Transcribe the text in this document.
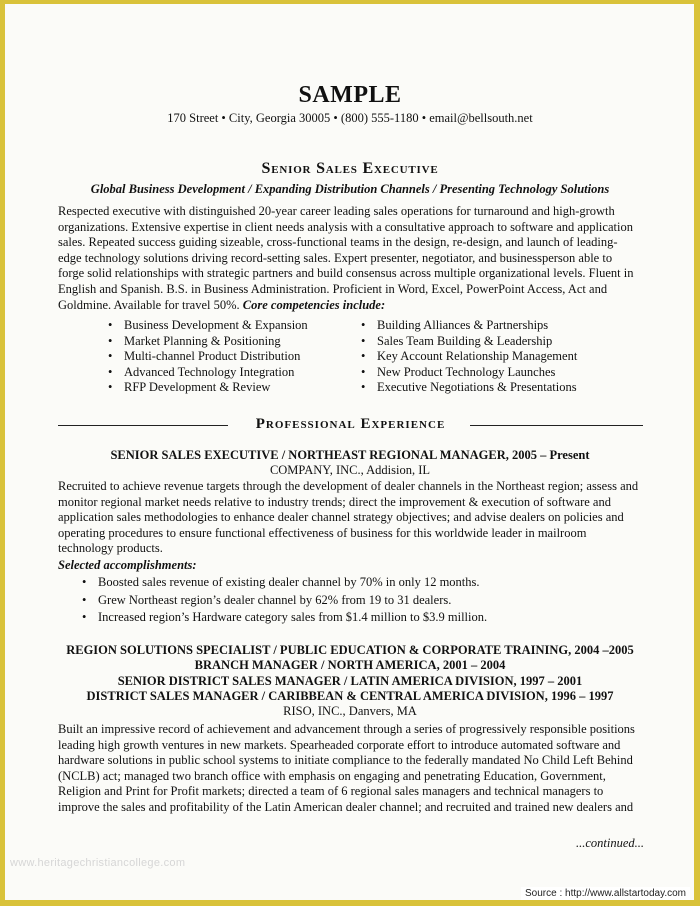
SAMPLE
170 Street • City, Georgia 30005 • (800) 555-1180 • email@bellsouth.net
Senior Sales Executive
Global Business Development / Expanding Distribution Channels / Presenting Technology Solutions
Respected executive with distinguished 20-year career leading sales operations for turnaround and high-growth
organizations. Extensive expertise in client needs analysis with a consultative approach to software and application
sales. Repeated success guiding sizeable, cross-functional teams in the design, re-design, and launch of leading-
edge technology solutions driving record-setting sales. Expert presenter, negotiator, and businessperson able to
forge solid relationships with strategic partners and build consensus across multiple organizational levels. Fluent in
English and Spanish. B.S. in Business Administration. Proficient in Word, Excel, PowerPoint Access, Act and
Goldmine. Available for travel 50%. Core competencies include:
• Business Development & Expansion
• Market Planning & Positioning
• Multi-channel Product Distribution
• Advanced Technology Integration
• RFP Development & Review
• Building Alliances & Partnerships
• Sales Team Building & Leadership
• Key Account Relationship Management
• New Product Technology Launches
• Executive Negotiations & Presentations
Professional Experience
SENIOR SALES EXECUTIVE / NORTHEAST REGIONAL MANAGER, 2005 – Present
COMPANY, INC., Addision, IL
Recruited to achieve revenue targets through the development of dealer channels in the Northeast region; assess and
monitor regional market needs relative to industry trends; direct the improvement & execution of software and
application sales methodologies to enhance dealer channel strategy objectives; and advise dealers on policies and
operating procedures to ensure functional effectiveness of business for this worldwide leader in mailroom
technology products.
Selected accomplishments:
• Boosted sales revenue of existing dealer channel by 70% in only 12 months.
• Grew Northeast region’s dealer channel by 62% from 19 to 31 dealers.
• Increased region’s Hardware category sales from $1.4 million to $3.9 million.
REGION SOLUTIONS SPECIALIST / PUBLIC EDUCATION & CORPORATE TRAINING, 2004 –2005
BRANCH MANAGER / NORTH AMERICA, 2001 – 2004
SENIOR DISTRICT SALES MANAGER / LATIN AMERICA DIVISION, 1997 – 2001
DISTRICT SALES MANAGER / CARIBBEAN & CENTRAL AMERICA DIVISION, 1996 – 1997
RISO, INC., Danvers, MA
Built an impressive record of achievement and advancement through a series of progressively responsible positions
leading high growth ventures in new markets. Spearheaded corporate effort to introduce automated software and
hardware solutions in public school systems to initiate compliance to the federally mandated No Child Left Behind
(NCLB) act; managed two branch office with emphasis on engaging and penetrating Education, Government,
Religion and Print for Profit markets; directed a team of 6 regional sales managers and technical managers to
improve the sales and profitability of the Latin American dealer channel; and recruited and trained new dealers and
...continued...
www.heritagechristiancollege.com
Source : http://www.allstartoday.com
